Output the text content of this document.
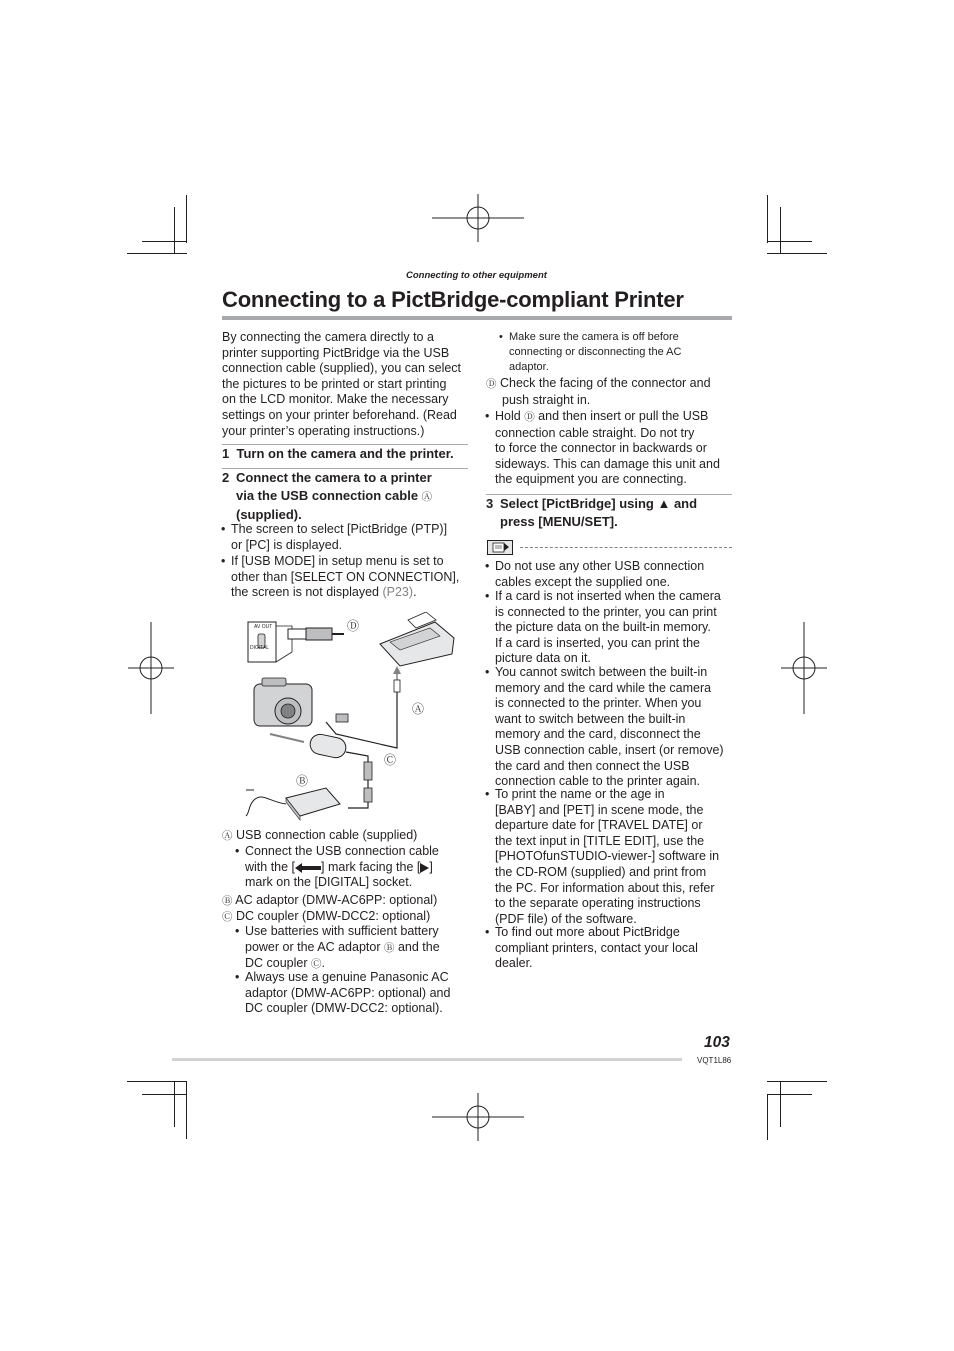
Connecting to other equipment
Connecting to a PictBridge-compliant Printer

By connecting the camera directly to a

printer supporting PictBridge via the USB

connection cable (supplied), you can select

the pictures to be printed or start printing

on the LCD monitor. Make the necessary

settings on your printer beforehand. (Read

your printer’s operating instructions.)

1 Turn on the camera and the printer.
2 Connect the camera to a printer
via the USB connection cable Ⓐ
(supplied).
• The screen to select [PictBridge (PTP)]
or [PC] is displayed.
• If [USB MODE] in setup menu is set to
other than [SELECT ON CONNECTION],
the screen is not displayed (P23).
AV OUT
DIGITAL
Ⓓ
Ⓐ
Ⓒ
Ⓑ
Ⓐ USB connection cable (supplied)
• Connect the USB connection cable
with the [ ] mark facing the [ ]
mark on the [DIGITAL] socket.
Ⓑ AC adaptor (DMW-AC6PP: optional)
Ⓒ DC coupler (DMW-DCC2: optional)
• Use batteries with sufficient battery
power or the AC adaptor Ⓑ and the
DC coupler Ⓒ.
• Always use a genuine Panasonic AC
adaptor (DMW-AC6PP: optional) and
DC coupler (DMW-DCC2: optional).
• Make sure the camera is off before
connecting or disconnecting the AC
adaptor.
Ⓓ Check the facing of the connector and
push straight in.
• Hold Ⓓ and then insert or pull the USB
connection cable straight. Do not try
to force the connector in backwards or
sideways. This can damage this unit and
the equipment you are connecting.
3 Select [PictBridge] using ▲ and
press [MENU/SET].
• Do not use any other USB connection
cables except the supplied one.
• If a card is not inserted when the camera
is connected to the printer, you can print
the picture data on the built-in memory.
If a card is inserted, you can print the
picture data on it.
• You cannot switch between the built-in
memory and the card while the camera
is connected to the printer. When you
want to switch between the built-in
memory and the card, disconnect the
USB connection cable, insert (or remove)
the card and then connect the USB
connection cable to the printer again.
• To print the name or the age in
[BABY] and [PET] in scene mode, the
departure date for [TRAVEL DATE] or
the text input in [TITLE EDIT], use the
[PHOTOfunSTUDIO-viewer-] software in
the CD-ROM (supplied) and print from
the PC. For information about this, refer
to the separate operating instructions
(PDF file) of the software.
• To find out more about PictBridge
compliant printers, contact your local
dealer.
103
VQT1L86
